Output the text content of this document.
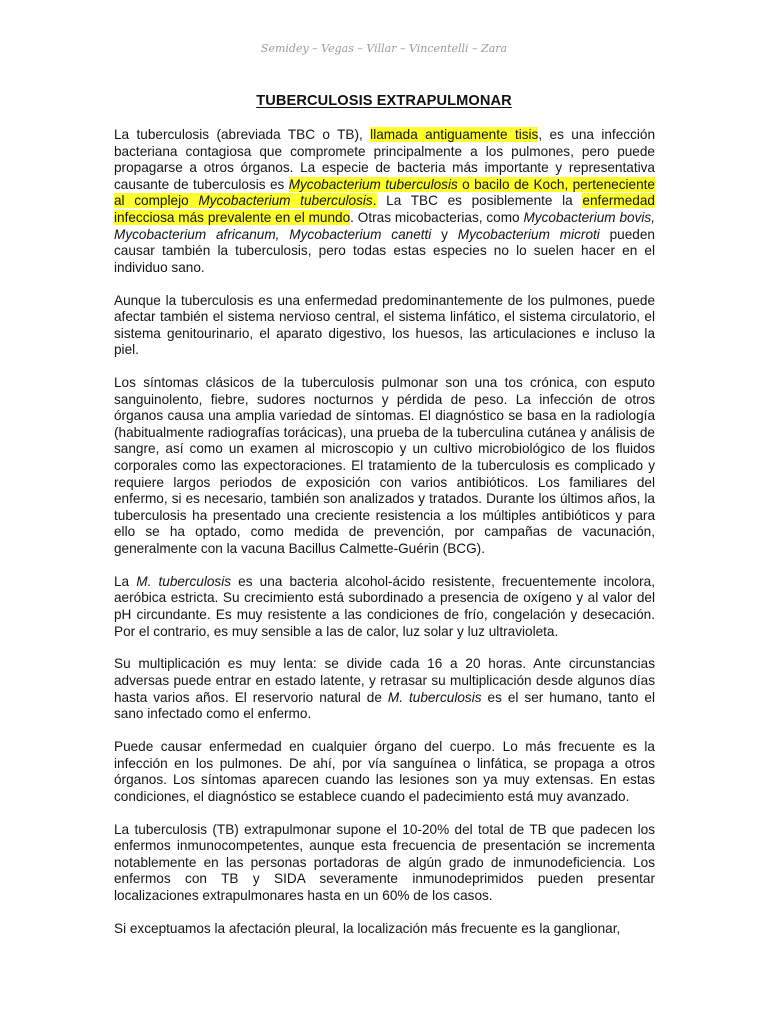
Semidey – Vegas – Villar – Vincentelli – Zara
TUBERCULOSIS EXTRAPULMONAR

La tuberculosis (abreviada TBC o TB), llamada antiguamente tisis, es una infección bacteriana contagiosa que compromete principalmente a los pulmones, pero puede propagarse a otros órganos. La especie de bacteria más importante y representativa causante de tuberculosis es Mycobacterium tuberculosis o bacilo de Koch, perteneciente al complejo Mycobacterium tuberculosis. La TBC es posiblemente la enfermedad infecciosa más prevalente en el mundo. Otras micobacterias, como Mycobacterium bovis, Mycobacterium africanum, Mycobacterium canetti y Mycobacterium microti pueden causar también la tuberculosis, pero todas estas especies no lo suelen hacer en el individuo sano.

Aunque la tuberculosis es una enfermedad predominantemente de los pulmones, puede afectar también el sistema nervioso central, el sistema linfático, el sistema circulatorio, el sistema genitourinario, el aparato digestivo, los huesos, las articulaciones e incluso la piel.

Los síntomas clásicos de la tuberculosis pulmonar son una tos crónica, con esputo sanguinolento, fiebre, sudores nocturnos y pérdida de peso. La infección de otros órganos causa una amplia variedad de síntomas. El diagnóstico se basa en la radiología (habitualmente radiografías torácicas), una prueba de la tuberculina cutánea y análisis de sangre, así como un examen al microscopio y un cultivo microbiológico de los fluidos corporales como las expectoraciones. El tratamiento de la tuberculosis es complicado y requiere largos periodos de exposición con varios antibióticos. Los familiares del enfermo, si es necesario, también son analizados y tratados. Durante los últimos años, la tuberculosis ha presentado una creciente resistencia a los múltiples antibióticos y para ello se ha optado, como medida de prevención, por campañas de vacunación, generalmente con la vacuna Bacillus Calmette-Guérin (BCG).

La M. tuberculosis es una bacteria alcohol-ácido resistente, frecuentemente incolora, aeróbica estricta. Su crecimiento está subordinado a presencia de oxígeno y al valor del pH circundante. Es muy resistente a las condiciones de frío, congelación y desecación. Por el contrario, es muy sensible a las de calor, luz solar y luz ultravioleta.

Su multiplicación es muy lenta: se divide cada 16 a 20 horas. Ante circunstancias adversas puede entrar en estado latente, y retrasar su multiplicación desde algunos días hasta varios años. El reservorio natural de M. tuberculosis es el ser humano, tanto el sano infectado como el enfermo.

Puede causar enfermedad en cualquier órgano del cuerpo. Lo más frecuente es la infección en los pulmones. De ahí, por vía sanguínea o linfática, se propaga a otros órganos. Los síntomas aparecen cuando las lesiones son ya muy extensas. En estas condiciones, el diagnóstico se establece cuando el padecimiento está muy avanzado.

La tuberculosis (TB) extrapulmonar supone el 10-20% del total de TB que padecen los enfermos inmunocompetentes, aunque esta frecuencia de presentación se incrementa notablemente en las personas portadoras de algún grado de inmunodeficiencia. Los enfermos con TB y SIDA severamente inmunodeprimidos pueden presentar localizaciones extrapulmonares hasta en un 60% de los casos.

Si exceptuamos la afectación pleural, la localización más frecuente es la ganglionar,
